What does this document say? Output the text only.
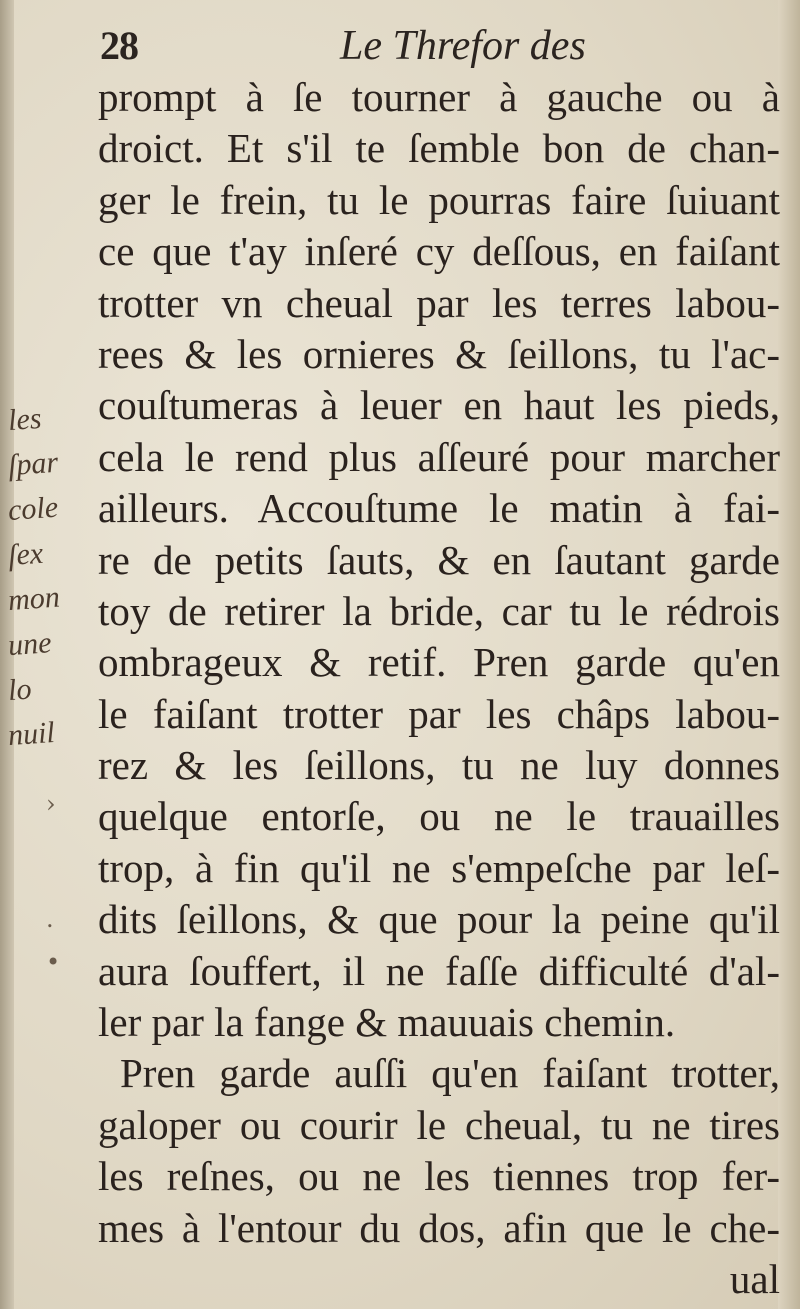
28	Le Threfor des
prompt à ſe tourner à gauche ou à
droict. Et s'il te ſemble bon de chan-
ger le frein, tu le pourras faire ſuiuant
ce que t'ay inſeré cy deſſous, en faiſant
trotter vn cheual par les terres labou-
rees & les ornieres & ſeillons, tu l'ac-
couſtumeras à leuer en haut les pieds,
cela le rend plus aſſeuré pour marcher
ailleurs. Accouſtume le matin à fai-
re de petits ſauts, & en ſautant garde
toy de retirer la bride, car tu le rédrois
ombrageux & retif. Pren garde qu'en
le faiſant trotter par les châps labou-
rez & les ſeillons, tu ne luy donnes
quelque entorſe, ou ne le trauailles
trop, à fin qu'il ne s'empeſche par leſ-
dits ſeillons, & que pour la peine qu'il
aura ſouffert, il ne faſſe difficulté d'al-
ler par la fange & mauuais chemin.
Pren garde auſſi qu'en faiſant trotter,
galoper ou courir le cheual, tu ne tires
les reſnes, ou ne les tiennes trop fer-
mes à l'entour du dos, afin que le che-
ual
les
ſpar
cole
ſex
mon
une
lo
nuil
›
.
•
